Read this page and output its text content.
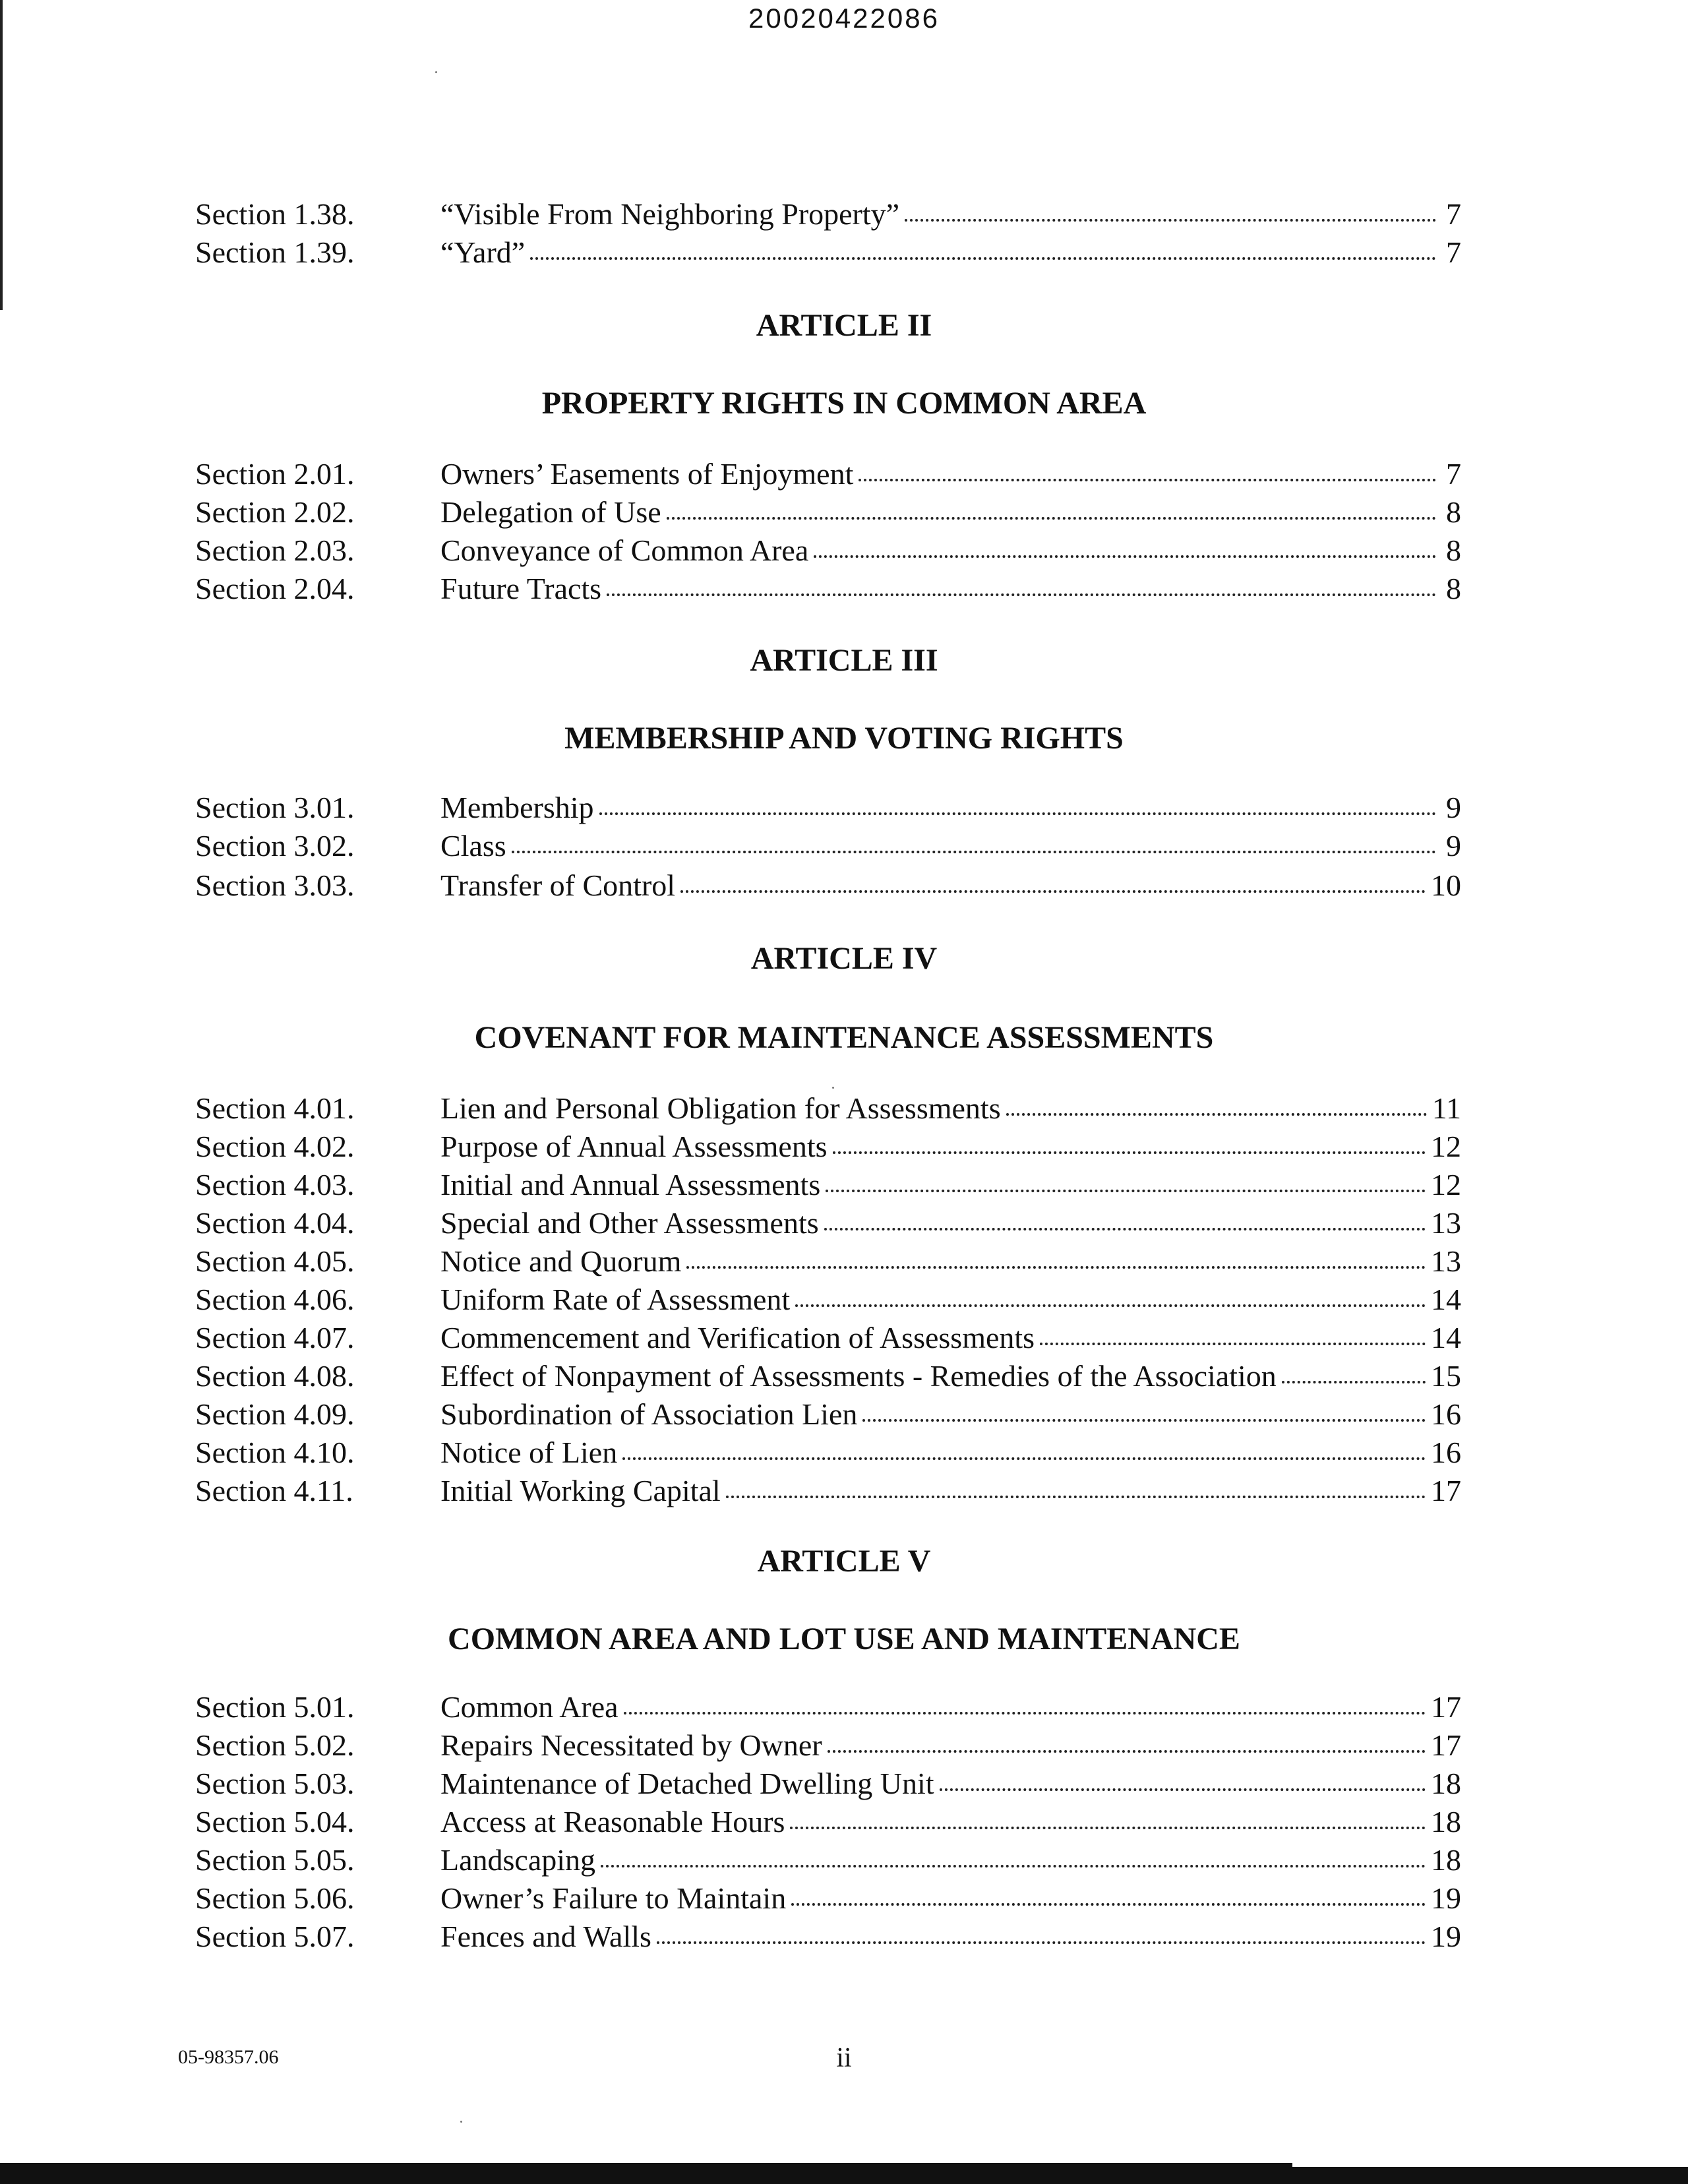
20020422086
Section 1.38.	“Visible From Neighboring Property”	7
Section 1.39.	“Yard”	7
ARTICLE II
PROPERTY RIGHTS IN COMMON AREA
Section 2.01.	Owners’ Easements of Enjoyment	7
Section 2.02.	Delegation of Use	8
Section 2.03.	Conveyance of Common Area	8
Section 2.04.	Future Tracts	8
ARTICLE III
MEMBERSHIP AND VOTING RIGHTS
Section 3.01.	Membership	9
Section 3.02.	Class	9
Section 3.03.	Transfer of Control	10
ARTICLE IV
COVENANT FOR MAINTENANCE ASSESSMENTS
Section 4.01.	Lien and Personal Obligation for Assessments	11
Section 4.02.	Purpose of Annual Assessments	12
Section 4.03.	Initial and Annual Assessments	12
Section 4.04.	Special and Other Assessments	13
Section 4.05.	Notice and Quorum	13
Section 4.06.	Uniform Rate of Assessment	14
Section 4.07.	Commencement and Verification of Assessments	14
Section 4.08.	Effect of Nonpayment of Assessments - Remedies of the Association	15
Section 4.09.	Subordination of Association Lien	16
Section 4.10.	Notice of Lien	16
Section 4.11.	Initial Working Capital	17
ARTICLE V
COMMON AREA AND LOT USE AND MAINTENANCE
Section 5.01.	Common Area	17
Section 5.02.	Repairs Necessitated by Owner	17
Section 5.03.	Maintenance of Detached Dwelling Unit	18
Section 5.04.	Access at Reasonable Hours	18
Section 5.05.	Landscaping	18
Section 5.06.	Owner’s Failure to Maintain	19
Section 5.07.	Fences and Walls	19
05-98357.06	ii
